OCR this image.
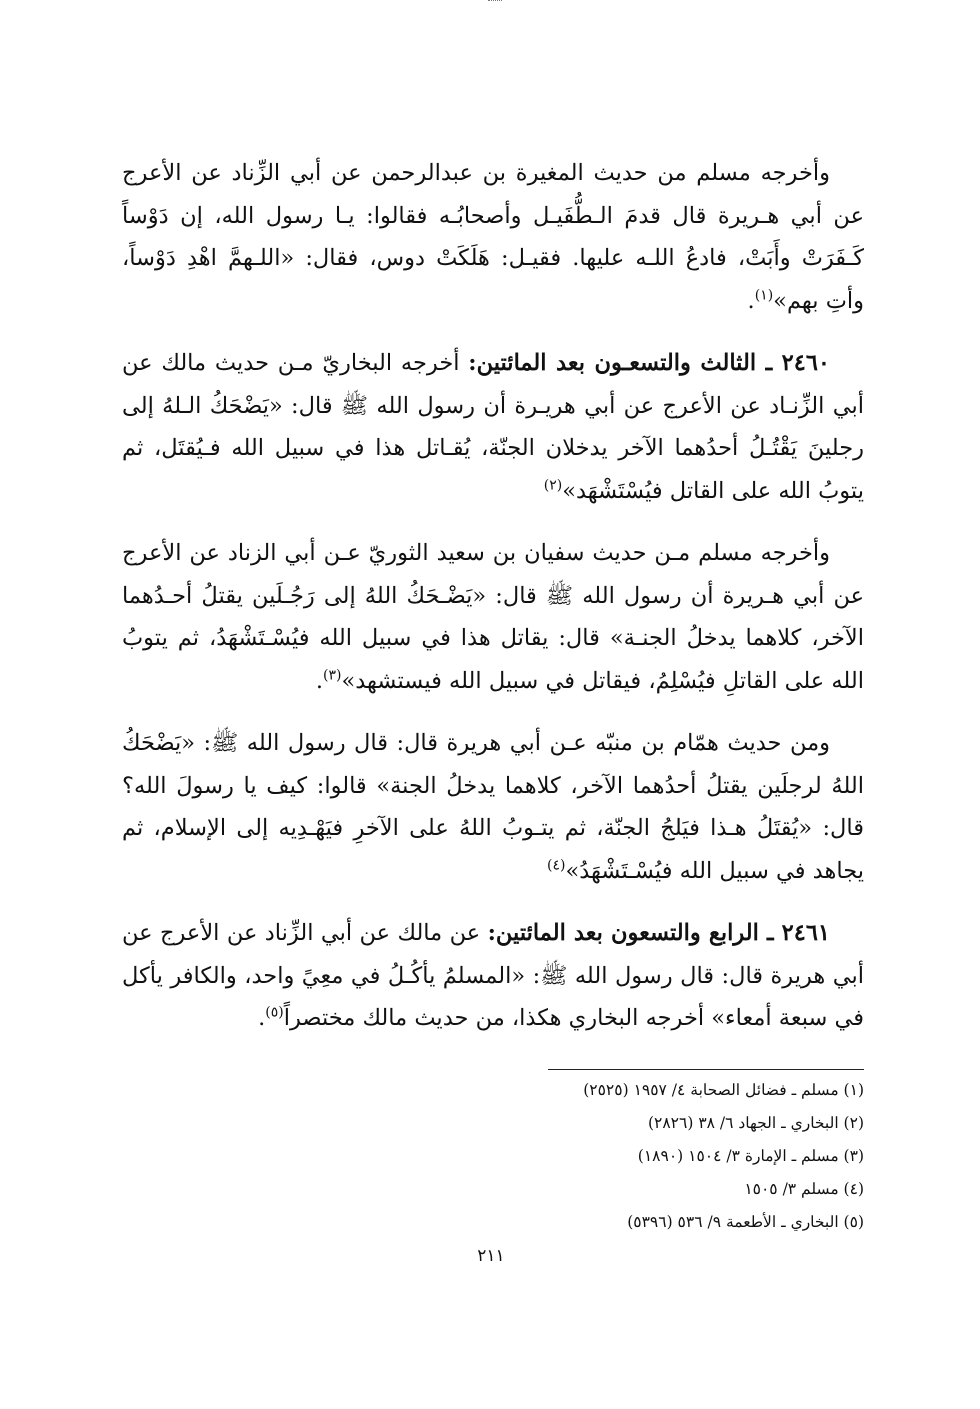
وأخرجه مسلم من حديث المغيرة بن عبدالرحمن عن أبي الزِّناد عن الأعرج عن أبي هـريرة قال قدمَ الـطُّفَيـل وأصحابُـه فقالوا: يـا رسول الله، إن دَوْساً كَـفَرَتْ وأَبَتْ، فادعُ اللـه عليها. فقيـل: هَلَكَتْ دوس، فقال: «اللـهمَّ اهْدِ دَوْساً، وأتِ بهم»$^{(١)}$.

٢٤٦٠ ـ الثالث والتسعـون بعد المائتين: أخرجه البخاريّ مـن حديث مالك عن أبي الزِّنـاد عن الأعرج عن أبي هريـرة أن رسول الله ﷺ قال: «يَضْحَكُ الـلهُ إلى رجلينَ يَقْتُـلُ أحدُهما الآخر يدخلان الجنّة، يُقـاتل هذا في سبيل الله فـيُقتَل، ثم يتوبُ الله على القاتل فيُسْتَشْهَد»$^{(٢)}$

وأخرجه مسلم مـن حديث سفيان بن سعيد الثوريّ عـن أبي الزناد عن الأعرج عن أبي هـريرة أن رسول الله ﷺ قال: «يَضْـحَكُ اللهُ إلى رَجُـلَين يقتلُ أحـدُهما الآخر، كلاهما يدخلُ الجنـة» قال: يقاتل هذا في سبيل الله فيُسْـتَشْهَدُ، ثم يتوبُ الله على القاتلِ فيُسْلِمُ، فيقاتل في سبيل الله فيستشهد»$^{(٣)}$.

ومن حديث همّام بن منبّه عـن أبي هريرة قال: قال رسول الله ﷺ: «يَضْحَكُ اللهُ لرجلَين يقتلُ أحدُهما الآخر، كلاهما يدخلُ الجنة» قالوا: كيف يا رسولَ الله؟ قال: «يُقتَلُ هـذا فيَلجُ الجنّة، ثم يتـوبُ اللهُ على الآخرِ فيَهْـدِيه إلى الإسلام، ثم يجاهد في سبيل الله فيُسْـتَشْهَدُ»$^{(٤)}$

٢٤٦١ ـ الرابع والتسعون بعد المائتين: عن مالك عن أبي الزِّناد عن الأعرج عن أبي هريرة قال: قال رسول الله ﷺ: «المسلمُ يأكُـلُ في معِيً واحد، والكافر يأكل في سبعة أمعاء» أخرجه البخاري هكذا، من حديث مالك مختصراً$^{(٥)}$.

(١) مسلم ـ فضائل الصحابة ٤/ ١٩٥٧ (٢٥٢٥)
(٢) البخاري ـ الجهاد ٦/ ٣٨ (٢٨٢٦)
(٣) مسلم ـ الإمارة ٣/ ١٥٠٤ (١٨٩٠)
(٤) مسلم ٣/ ١٥٠٥
(٥) البخاري ـ الأطعمة ٩/ ٥٣٦ (٥٣٩٦)
٢١١
